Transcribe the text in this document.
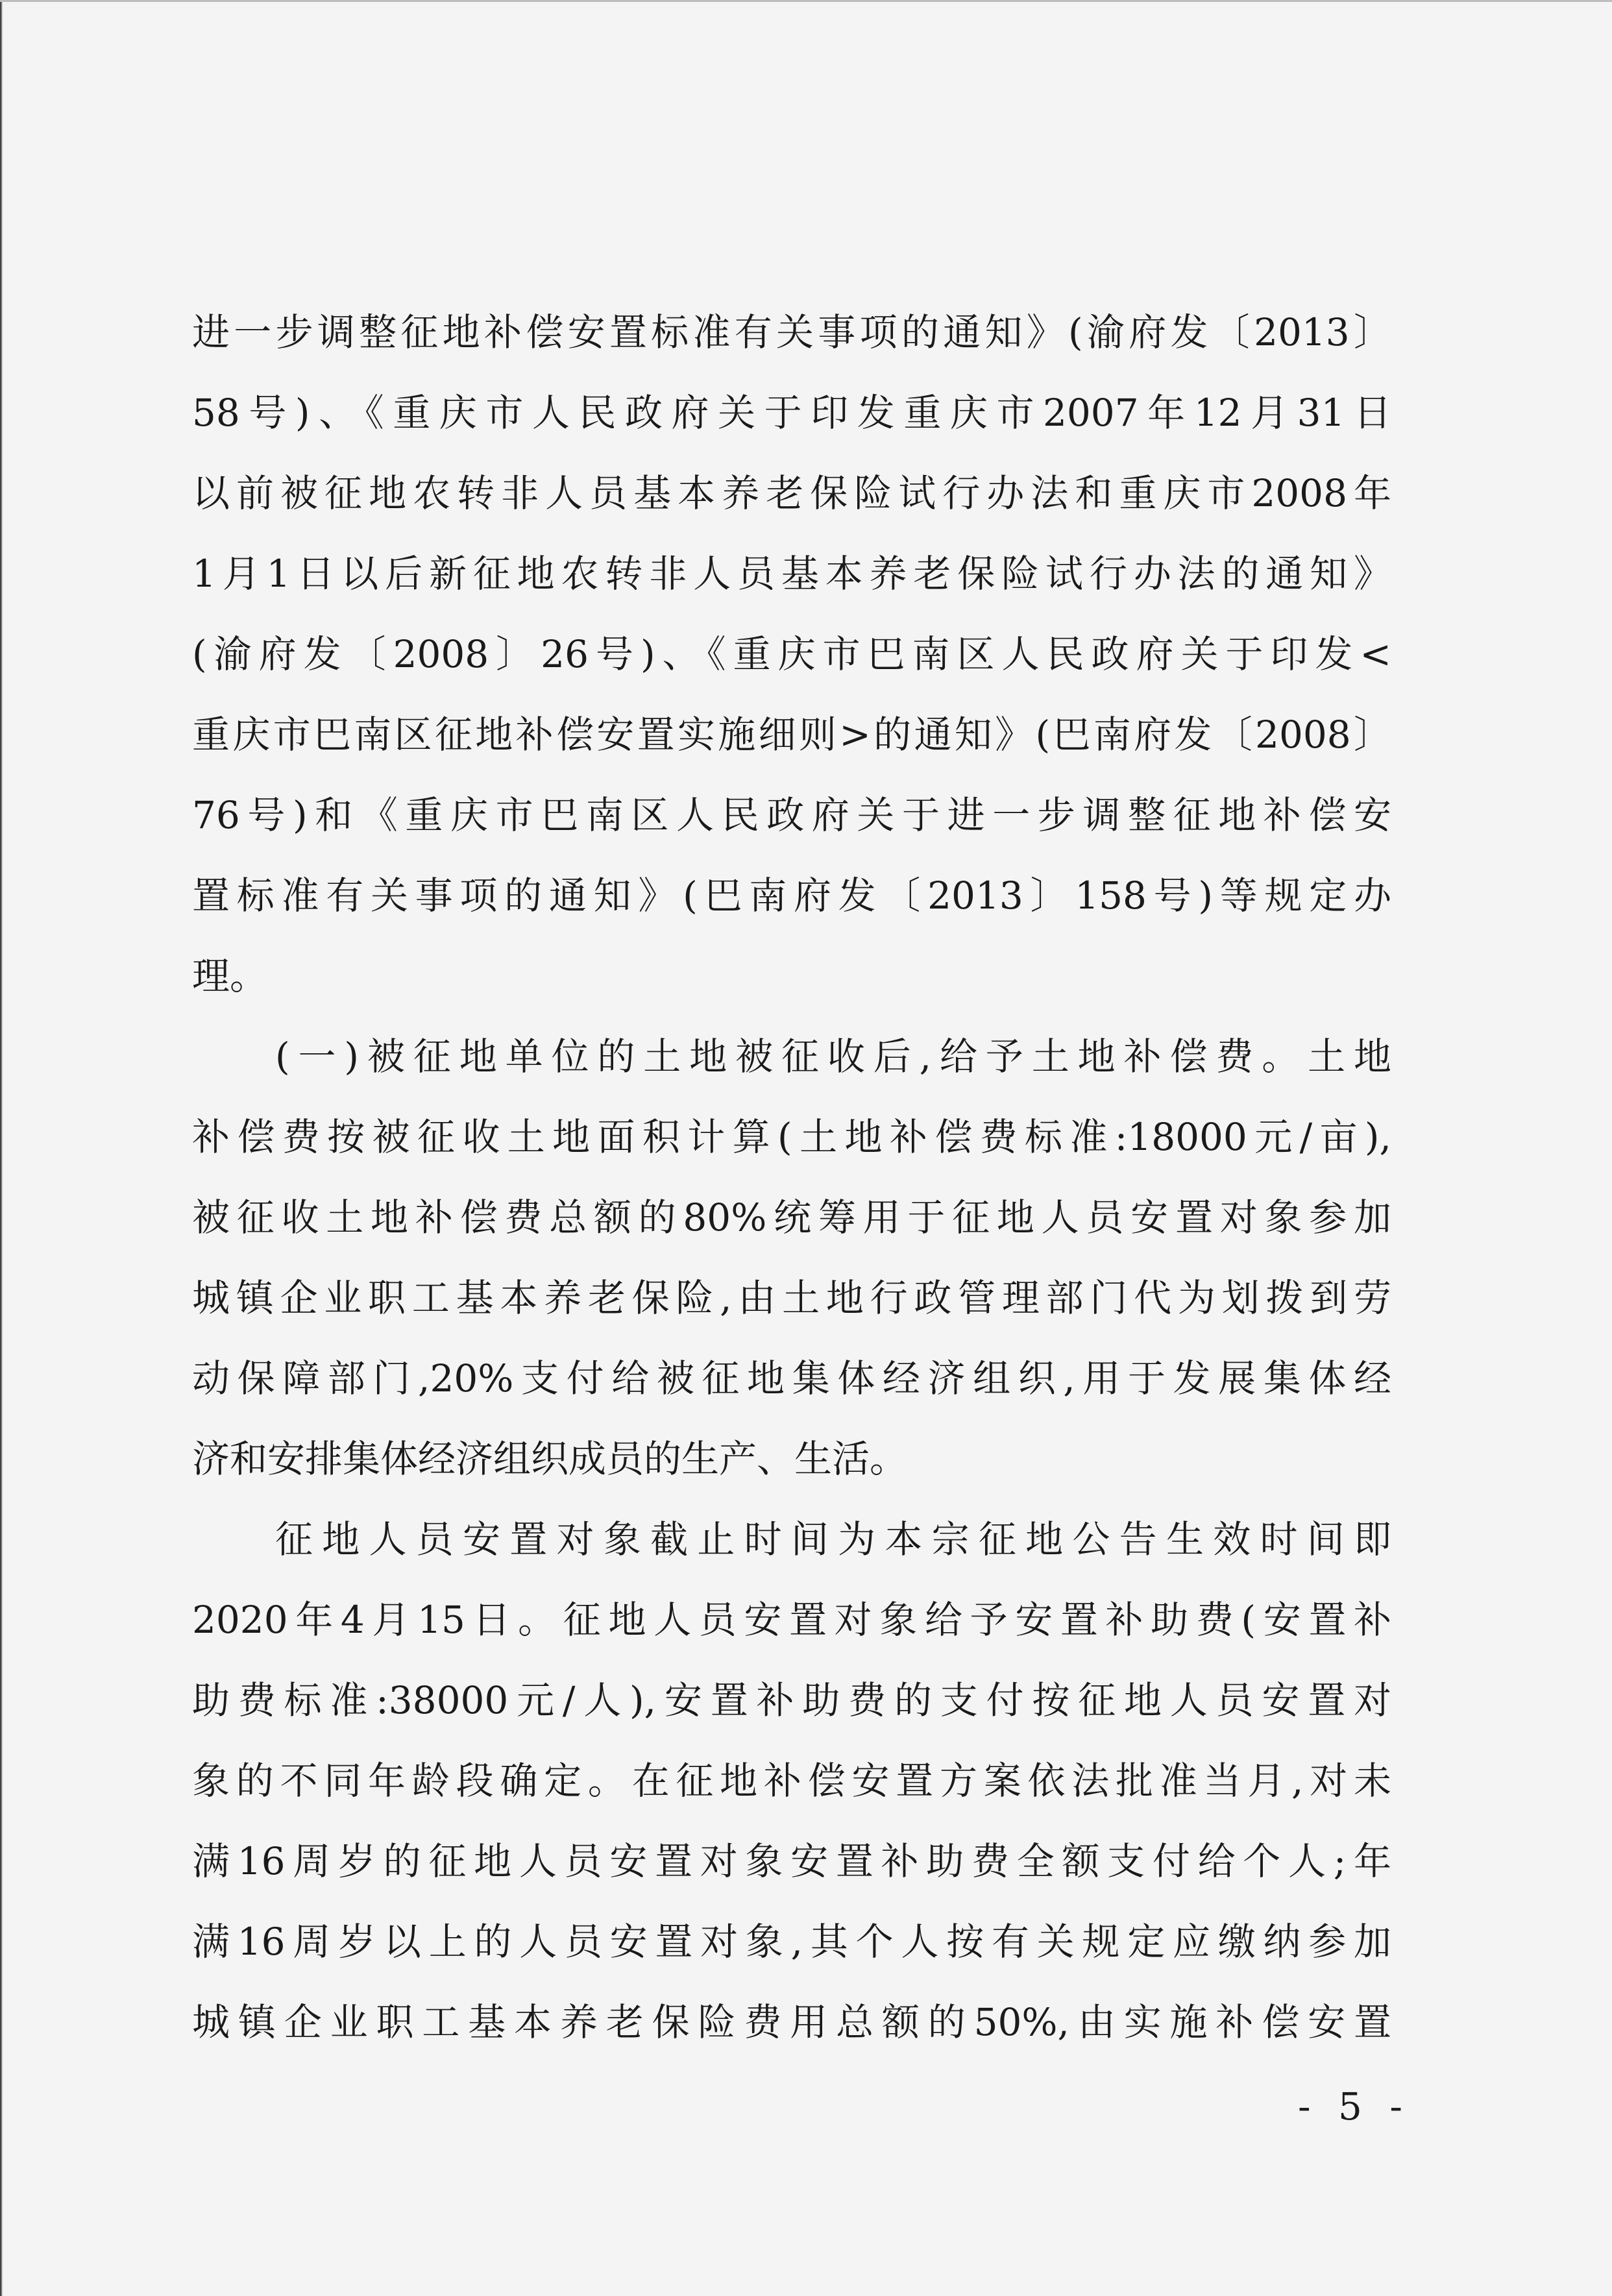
进一步调整征地补偿安置标准有关事项的通知》(渝府发〔2013〕
58号)、《重庆市人民政府关于印发重庆市2007年12月31日
以前被征地农转非人员基本养老保险试行办法和重庆市2008年
1月1日以后新征地农转非人员基本养老保险试行办法的通知》
(渝府发〔2008〕26号)、《重庆市巴南区人民政府关于印发<
重庆市巴南区征地补偿安置实施细则>的通知》(巴南府发〔2008〕
76号)和《重庆市巴南区人民政府关于进一步调整征地补偿安
置标准有关事项的通知》(巴南府发〔2013〕158号)等规定办
理。
(一)被征地单位的土地被征收后,给予土地补偿费。土地
补偿费按被征收土地面积计算(土地补偿费标准:18000元/亩),
被征收土地补偿费总额的80%统筹用于征地人员安置对象参加
城镇企业职工基本养老保险,由土地行政管理部门代为划拨到劳
动保障部门,20%支付给被征地集体经济组织,用于发展集体经
济和安排集体经济组织成员的生产、生活。
征地人员安置对象截止时间为本宗征地公告生效时间即
2020年4月15日。征地人员安置对象给予安置补助费(安置补
助费标准:38000元/人),安置补助费的支付按征地人员安置对
象的不同年龄段确定。在征地补偿安置方案依法批准当月,对未
满16周岁的征地人员安置对象安置补助费全额支付给个人;年
满16周岁以上的人员安置对象,其个人按有关规定应缴纳参加
城镇企业职工基本养老保险费用总额的50%,由实施补偿安置
- 5 -
